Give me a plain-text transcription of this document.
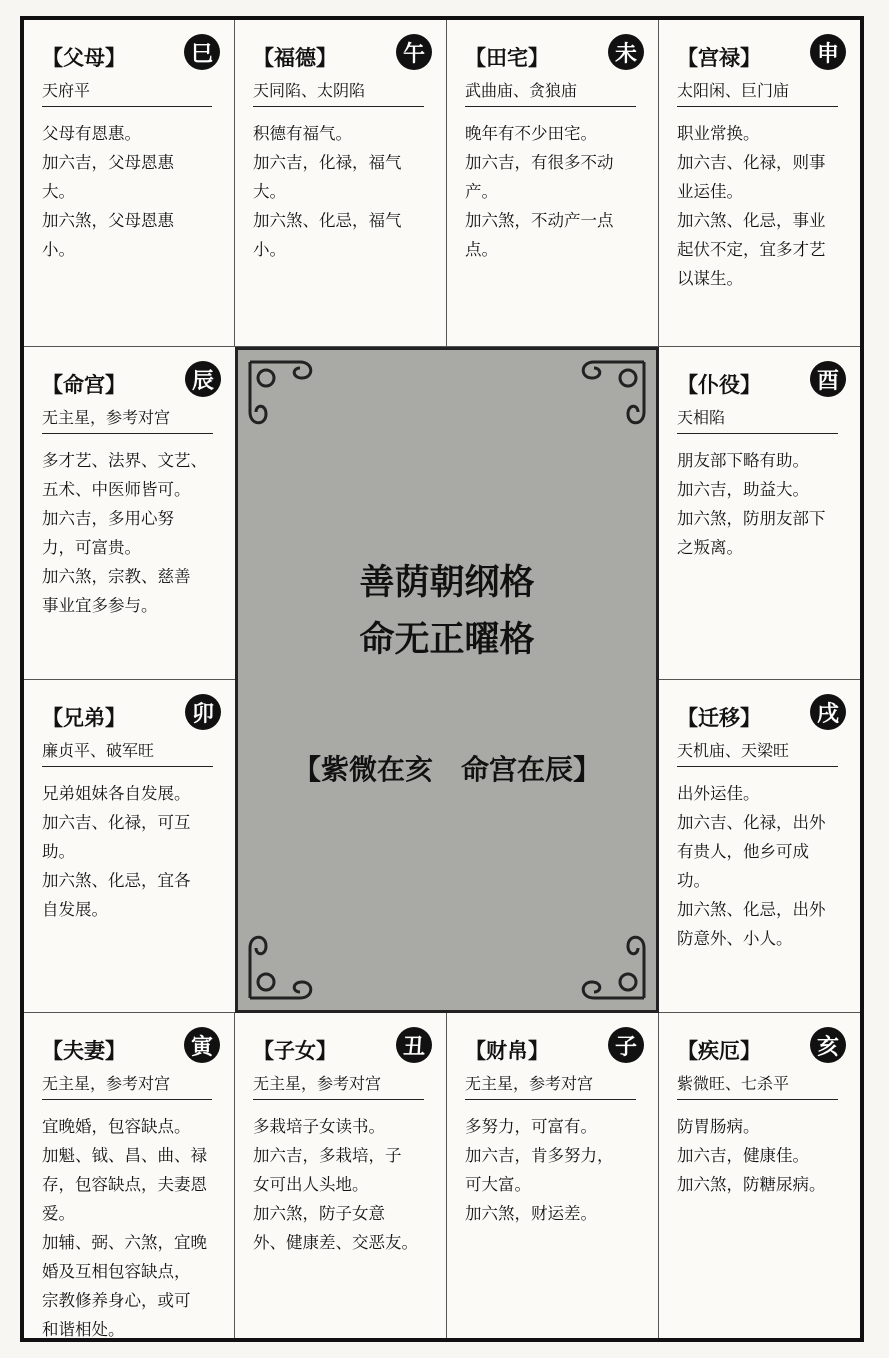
【父母】	巳
天府平
父母有恩惠。
加六吉，父母恩惠
大。
加六煞，父母恩惠
小。
【福德】	午
天同陷、太阴陷
积德有福气。
加六吉，化禄，福气
大。
加六煞、化忌，福气
小。
【田宅】	未
武曲庙、贪狼庙
晚年有不少田宅。
加六吉，有很多不动
产。
加六煞，不动产一点
点。
【宫禄】	申
太阳闲、巨门庙
职业常换。
加六吉、化禄，则事
业运佳。
加六煞、化忌，事业
起伏不定，宜多才艺
以谋生。
【命宫】	辰
无主星，参考对宫
多才艺、法界、文艺、
五术、中医师皆可。
加六吉，多用心努
力，可富贵。
加六煞，宗教、慈善
事业宜多参与。
【兄弟】	卯
廉贞平、破军旺
兄弟姐妹各自发展。
加六吉、化禄，可互
助。
加六煞、化忌，宜各
自发展。
【仆役】	酉
天相陷
朋友部下略有助。
加六吉，助益大。
加六煞，防朋友部下
之叛离。
【迁移】	戌
天机庙、天梁旺
出外运佳。
加六吉、化禄，出外
有贵人，他乡可成
功。
加六煞、化忌，出外
防意外、小人。
【夫妻】	寅
无主星，参考对宫
宜晚婚，包容缺点。
加魁、钺、昌、曲、禄
存，包容缺点，夫妻恩
爱。
加辅、弼、六煞，宜晚
婚及互相包容缺点，
宗教修养身心，或可
和谐相处。
【子女】	丑
无主星，参考对宫
多栽培子女读书。
加六吉，多栽培，子
女可出人头地。
加六煞，防子女意
外、健康差、交恶友。
【财帛】	子
无主星，参考对宫
多努力，可富有。
加六吉，肯多努力，
可大富。
加六煞，财运差。
【疾厄】	亥
紫微旺、七杀平
防胃肠病。
加六吉，健康佳。
加六煞，防糖尿病。
善荫朝纲格
命无正曜格
【紫微在亥　命宫在辰】
